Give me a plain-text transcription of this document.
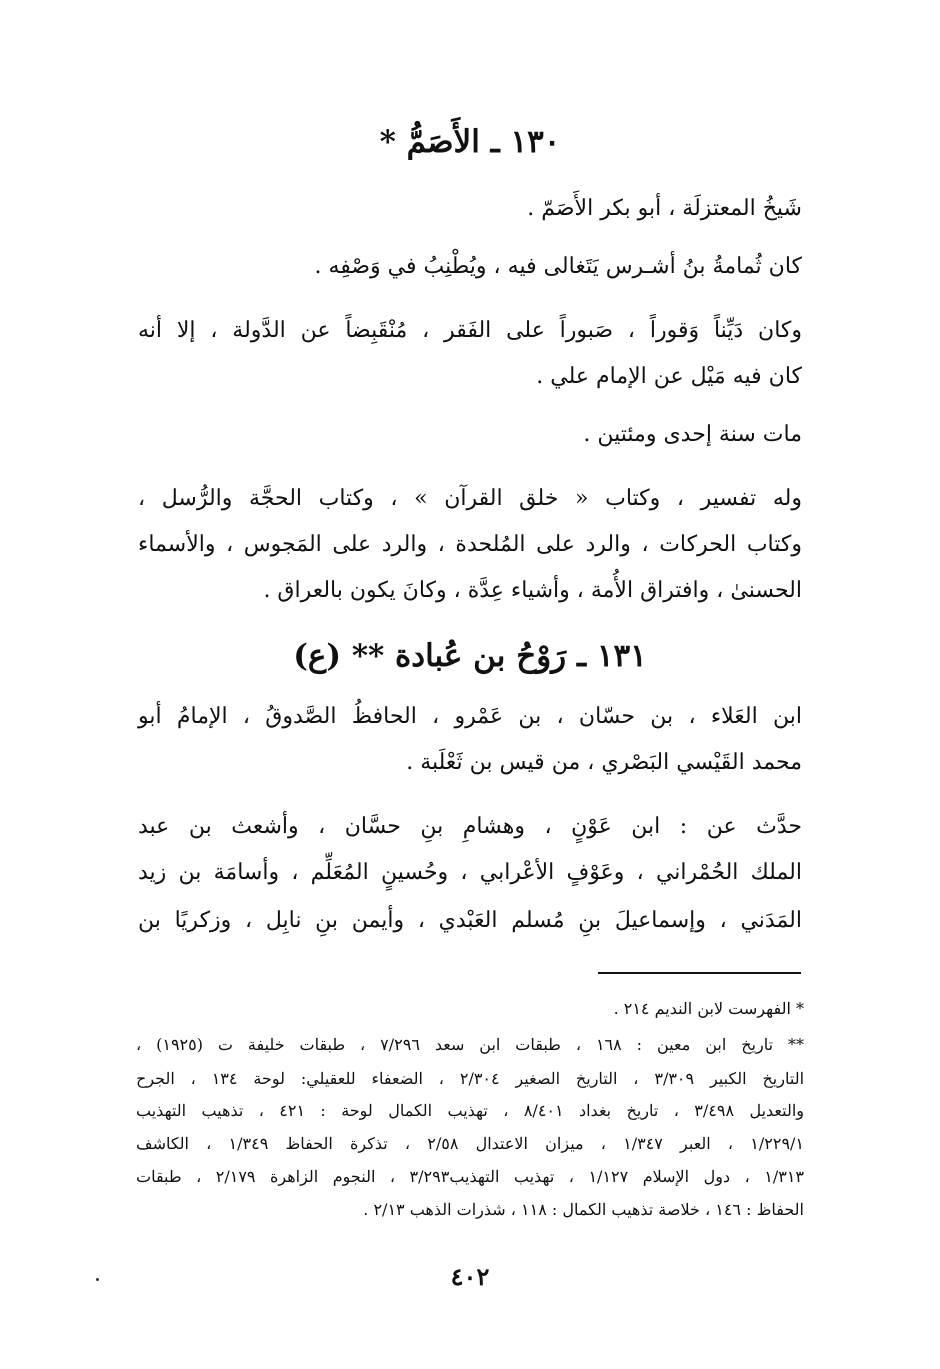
١٣٠ ـ الأَصَمُّ *
شَيخُ المعتزلَة ، أبو بكر الأَصَمّ .
كان ثُمامةُ بنُ أشـرس يَتَغالى فيه ، ويُطْنِبُ في وَصْفِه .
وكان دَيِّناً وَقوراً ، صَبوراً على الفَقر ، مُنْقَبِضاً عن الدَّولة ، إلا أنه
كان فيه مَيْل عن الإمام علي .
مات سنة إحدى ومئتين .
وله تفسير ، وكتاب « خلق القرآن » ، وكتاب الحجَّة والرُّسل ،
وكتاب الحركات ، والرد على المُلحدة ، والرد على المَجوس ، والأسماء
الحسنىٰ ، وافتراق الأُمة ، وأشياء عِدَّة ، وكانَ يكون بالعراق .
١٣١ ـ رَوْحُ بن عُبادة ** (ع)
ابن العَلاء ، بن حسّان ، بن عَمْرو ، الحافظُ الصَّدوقُ ، الإمامُ أبو
محمد القَيْسي البَصْري ، من قيس بن ثَعْلَبة .
حدَّث عن : ابن عَوْنٍ ، وهشامِ بنِ حسَّان ، وأشعث بن عبد
الملك الحُمْراني ، وعَوْفٍ الأعْرابي ، وحُسينٍ المُعَلِّم ، وأسامَة بن زيد
المَدَني ، وإسماعيلَ بنِ مُسلم العَبْدي ، وأيمن بنِ نابِل ، وزكريًا بن
* الفهرست لابن النديم ٢١٤ .
** تاريخ ابن معين : ١٦٨ ، طبقات ابن سعد ٧/٢٩٦ ، طبقات خليفة ت (١٩٢٥) ،
التاريخ الكبير ٣/٣٠٩ ، التاريخ الصغير ٢/٣٠٤ ، الضعفاء للعقيلي: لوحة ١٣٤ ، الجرح
والتعديل ٣/٤٩٨ ، تاريخ بغداد ٨/٤٠١ ، تهذيب الكمال لوحة : ٤٢١ ، تذهيب التهذيب
١/٢٢٩/١ ، العبر ١/٣٤٧ ، ميزان الاعتدال ٢/٥٨ ، تذكرة الحفاظ ١/٣٤٩ ، الكاشف
١/٣١٣ ، دول الإسلام ١/١٢٧ ، تهذيب التهذيب٣/٢٩٣ ، النجوم الزاهرة ٢/١٧٩ ، طبقات
الحفاظ : ١٤٦ ، خلاصة تذهيب الكمال : ١١٨ ، شذرات الذهب ٢/١٣ .
٤٠٢
